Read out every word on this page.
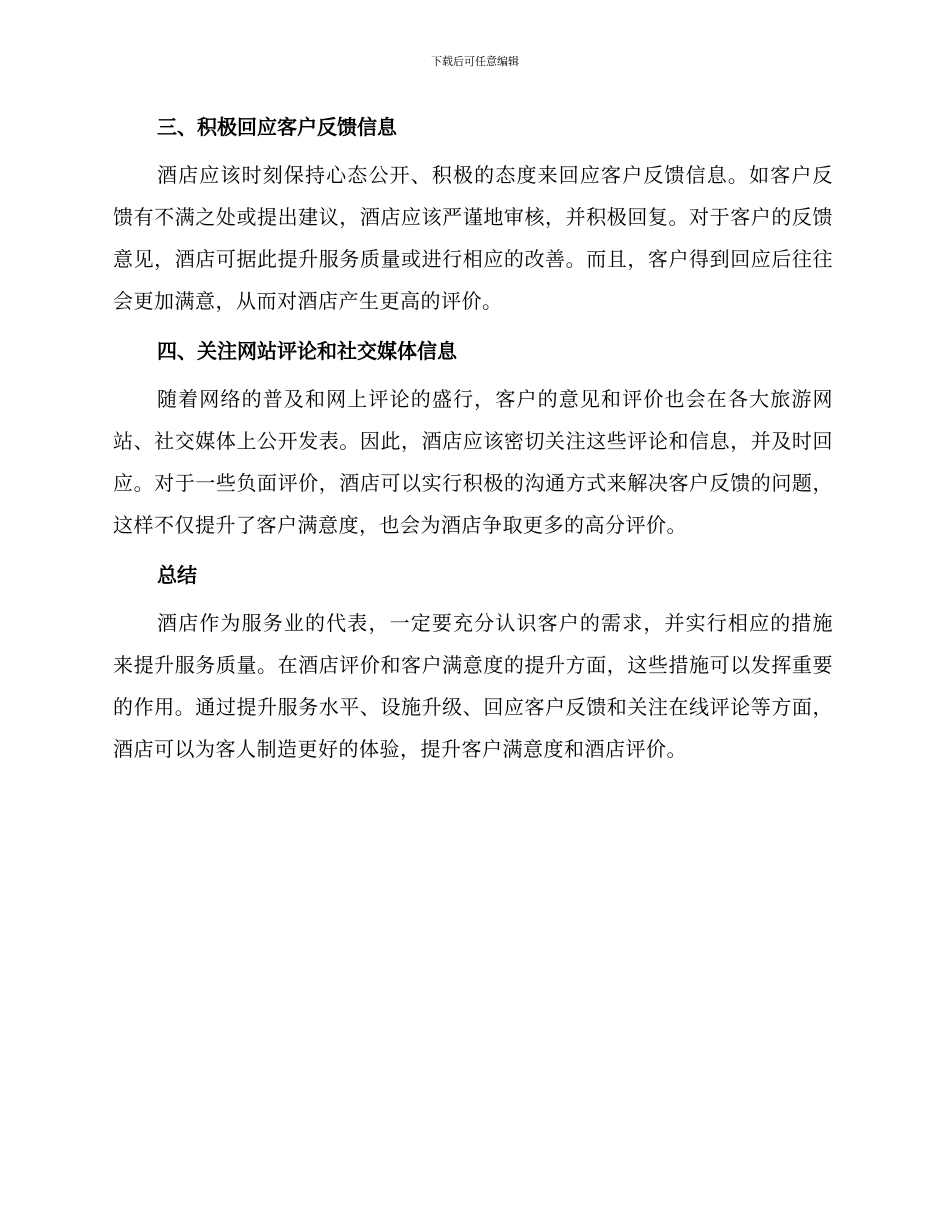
下载后可任意编辑
三、积极回应客户反馈信息

酒店应该时刻保持心态公开、积极的态度来回应客户反馈信息。如客户反馈有不满之处或提出建议，酒店应该严谨地审核，并积极回复。对于客户的反馈意见，酒店可据此提升服务质量或进行相应的改善。而且，客户得到回应后往往会更加满意，从而对酒店产生更高的评价。

四、关注网站评论和社交媒体信息

随着网络的普及和网上评论的盛行，客户的意见和评价也会在各大旅游网站、社交媒体上公开发表。因此，酒店应该密切关注这些评论和信息，并及时回应。对于一些负面评价，酒店可以实行积极的沟通方式来解决客户反馈的问题，这样不仅提升了客户满意度，也会为酒店争取更多的高分评价。

总结

酒店作为服务业的代表，一定要充分认识客户的需求，并实行相应的措施来提升服务质量。在酒店评价和客户满意度的提升方面，这些措施可以发挥重要的作用。通过提升服务水平、设施升级、回应客户反馈和关注在线评论等方面，酒店可以为客人制造更好的体验，提升客户满意度和酒店评价。
